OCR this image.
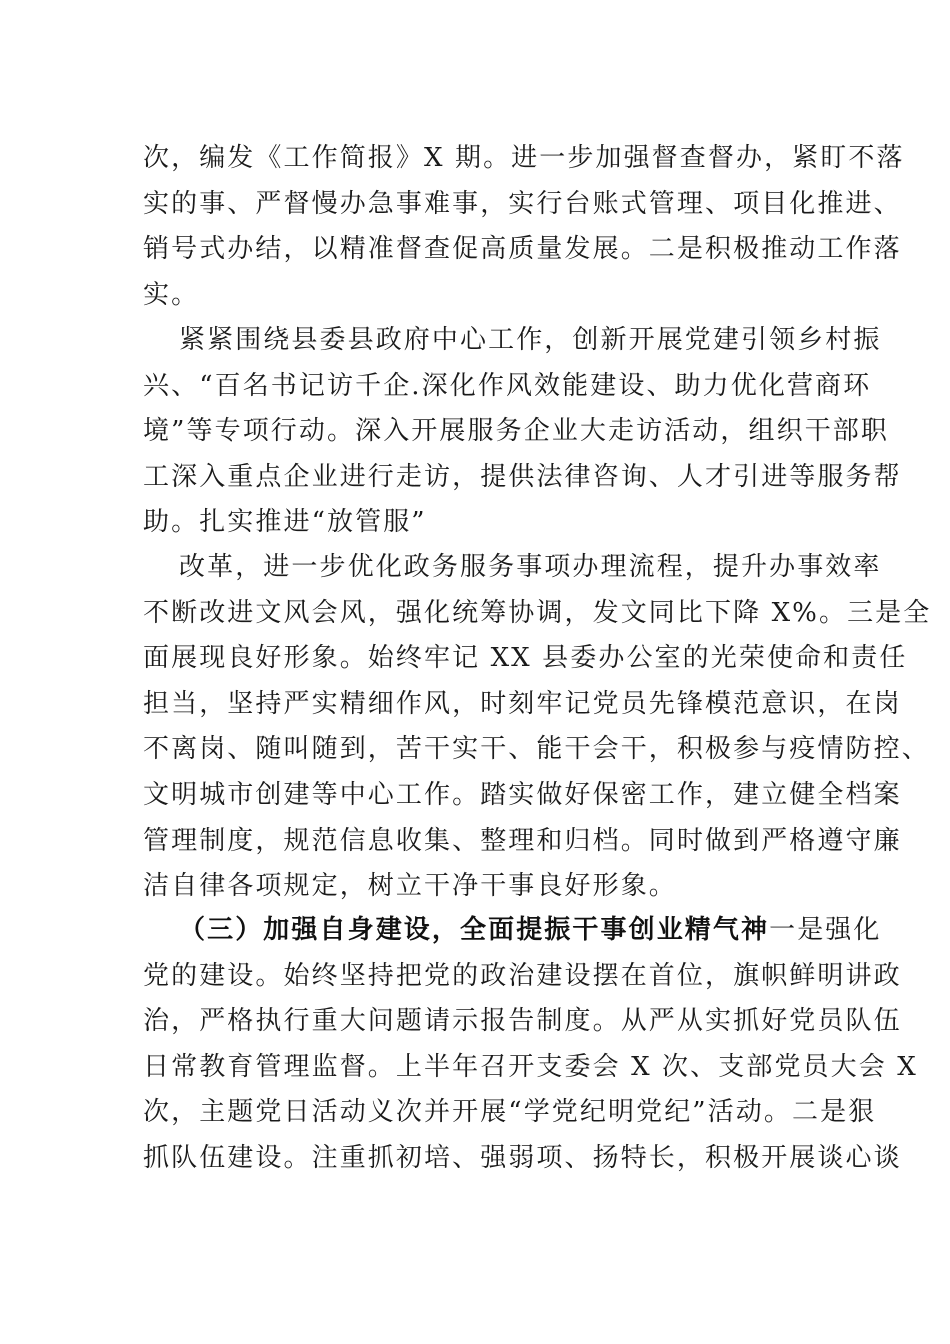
次，编发《工作简报》X 期。进一步加强督查督办，紧盯不落
实的事、严督慢办急事难事，实行台账式管理、项目化推进、
销号式办结，以精准督查促高质量发展。二是积极推动工作落
实。
紧紧围绕县委县政府中心工作，创新开展党建引领乡村振
兴、“百名书记访千企.深化作风效能建设、助力优化营商环
境”等专项行动。深入开展服务企业大走访活动，组织干部职
工深入重点企业进行走访，提供法律咨询、人才引进等服务帮
助。扎实推进“放管服”
改革，进一步优化政务服务事项办理流程，提升办事效率
不断改进文风会风，强化统筹协调，发文同比下降 X%。三是全
面展现良好形象。始终牢记 XX 县委办公室的光荣使命和责任
担当，坚持严实精细作风，时刻牢记党员先锋模范意识，在岗
不离岗、随叫随到，苦干实干、能干会干，积极参与疫情防控、
文明城市创建等中心工作。踏实做好保密工作，建立健全档案
管理制度，规范信息收集、整理和归档。同时做到严格遵守廉
洁自律各项规定，树立干净干事良好形象。
（三）加强自身建设，全面提振干事创业精气神一是强化
党的建设。始终坚持把党的政治建设摆在首位，旗帜鲜明讲政
治，严格执行重大问题请示报告制度。从严从实抓好党员队伍
日常教育管理监督。上半年召开支委会 X 次、支部党员大会 X
次，主题党日活动义次并开展“学党纪明党纪”活动。二是狠
抓队伍建设。注重抓初培、强弱项、扬特长，积极开展谈心谈
